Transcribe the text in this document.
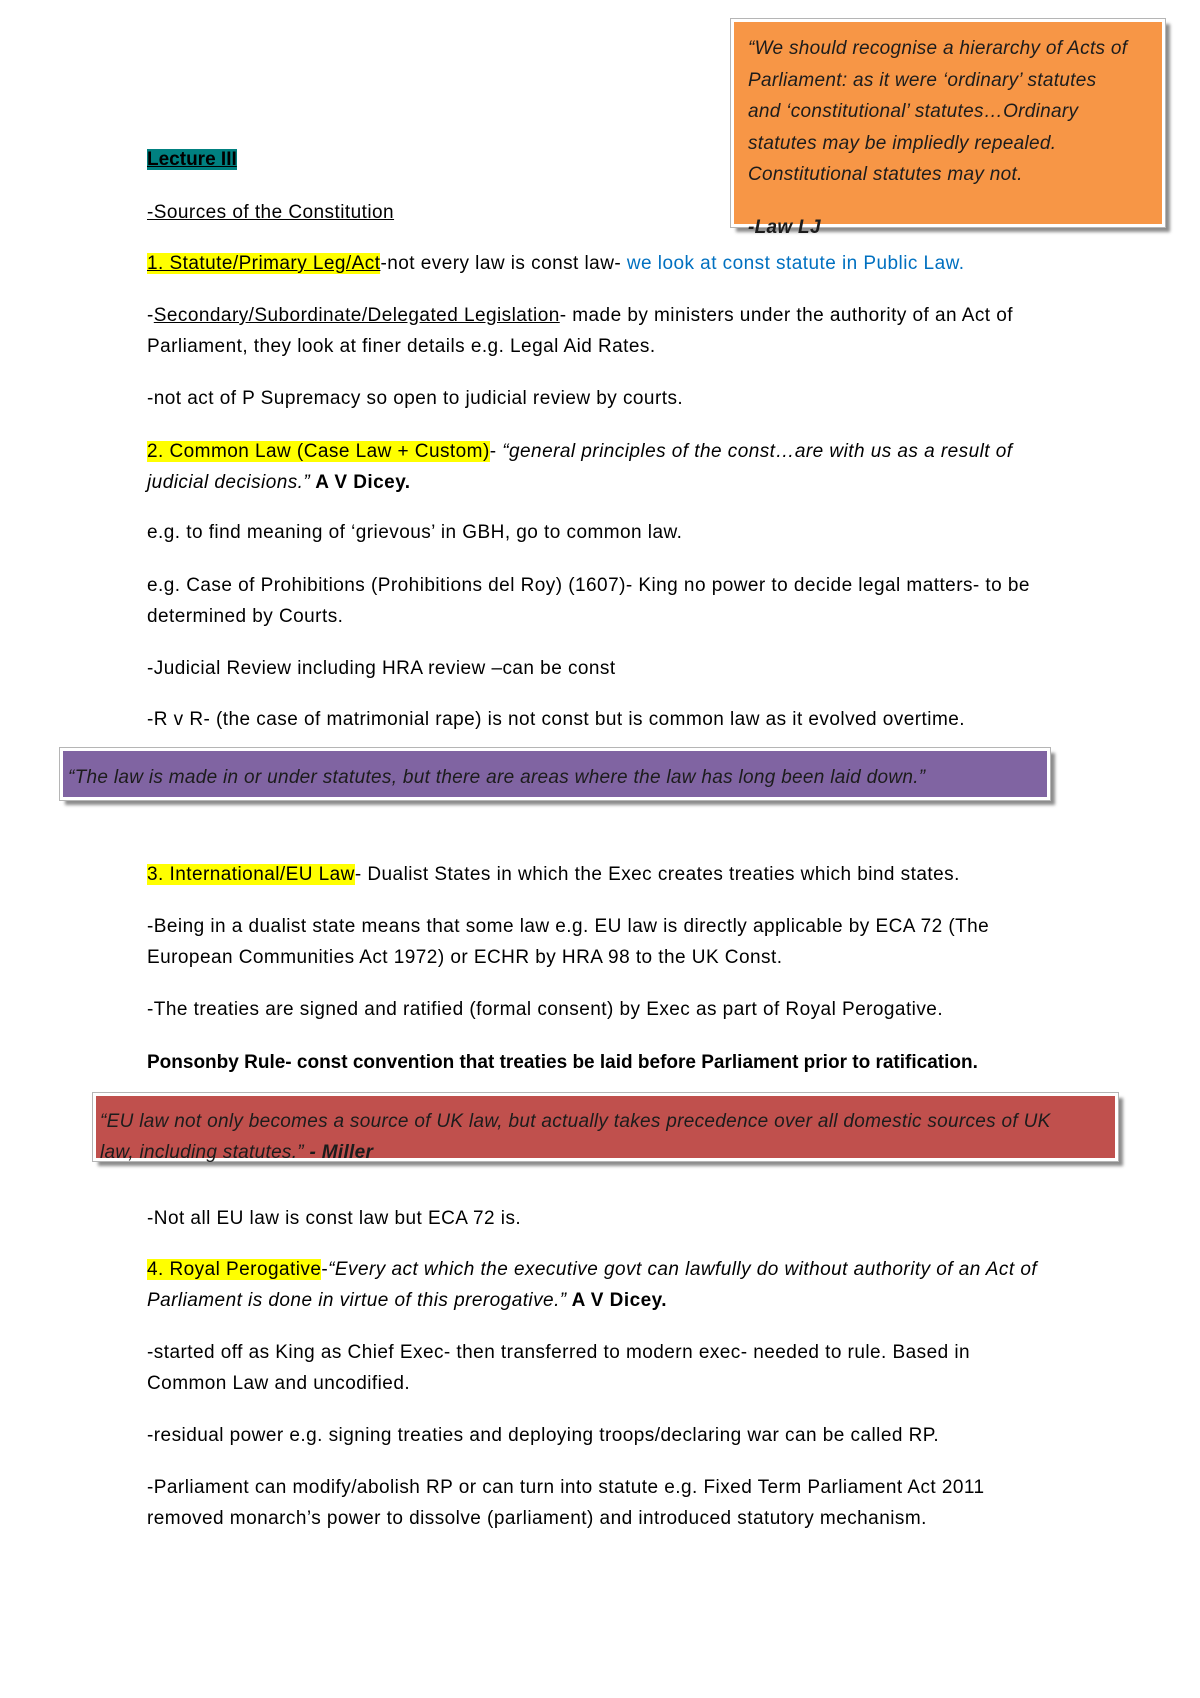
“We should recognise a hierarchy of Acts of
Parliament: as it were ‘ordinary’ statutes
and ‘constitutional’ statutes…Ordinary
statutes may be impliedly repealed.
Constitutional statutes may not.
-Law LJ

Lecture III

-Sources of the Constitution

1. Statute/Primary Leg/Act-not every law is const law- we look at const statute in Public Law.

-Secondary/Subordinate/Delegated Legislation- made by ministers under the authority of an Act of
Parliament, they look at finer details e.g. Legal Aid Rates.

-not act of P Supremacy so open to judicial review by courts.

2. Common Law (Case Law + Custom)- “general principles of the const…are with us as a result of
judicial decisions.” A V Dicey.

e.g. to find meaning of ‘grievous’ in GBH, go to common law.

e.g. Case of Prohibitions (Prohibitions del Roy) (1607)- King no power to decide legal matters- to be
determined by Courts.

-Judicial Review including HRA review –can be const

-R v R- (the case of matrimonial rape) is not const but is common law as it evolved overtime.

“The law is made in or under statutes, but there are areas where the law has long been laid down.”

3. International/EU Law- Dualist States in which the Exec creates treaties which bind states.

-Being in a dualist state means that some law e.g. EU law is directly applicable by ECA 72 (The
European Communities Act 1972) or ECHR by HRA 98 to the UK Const.

-The treaties are signed and ratified (formal consent) by Exec as part of Royal Perogative.

Ponsonby Rule- const convention that treaties be laid before Parliament prior to ratification.

“EU law not only becomes a source of UK law, but actually takes precedence over all domestic sources of UK
law, including statutes.” - Miller

-Not all EU law is const law but ECA 72 is.

4. Royal Perogative-“Every act which the executive govt can lawfully do without authority of an Act of
Parliament is done in virtue of this prerogative.” A V Dicey.

-started off as King as Chief Exec- then transferred to modern exec- needed to rule. Based in
Common Law and uncodified.

-residual power e.g. signing treaties and deploying troops/declaring war can be called RP.

-Parliament can modify/abolish RP or can turn into statute e.g. Fixed Term Parliament Act 2011
removed monarch’s power to dissolve (parliament) and introduced statutory mechanism.
